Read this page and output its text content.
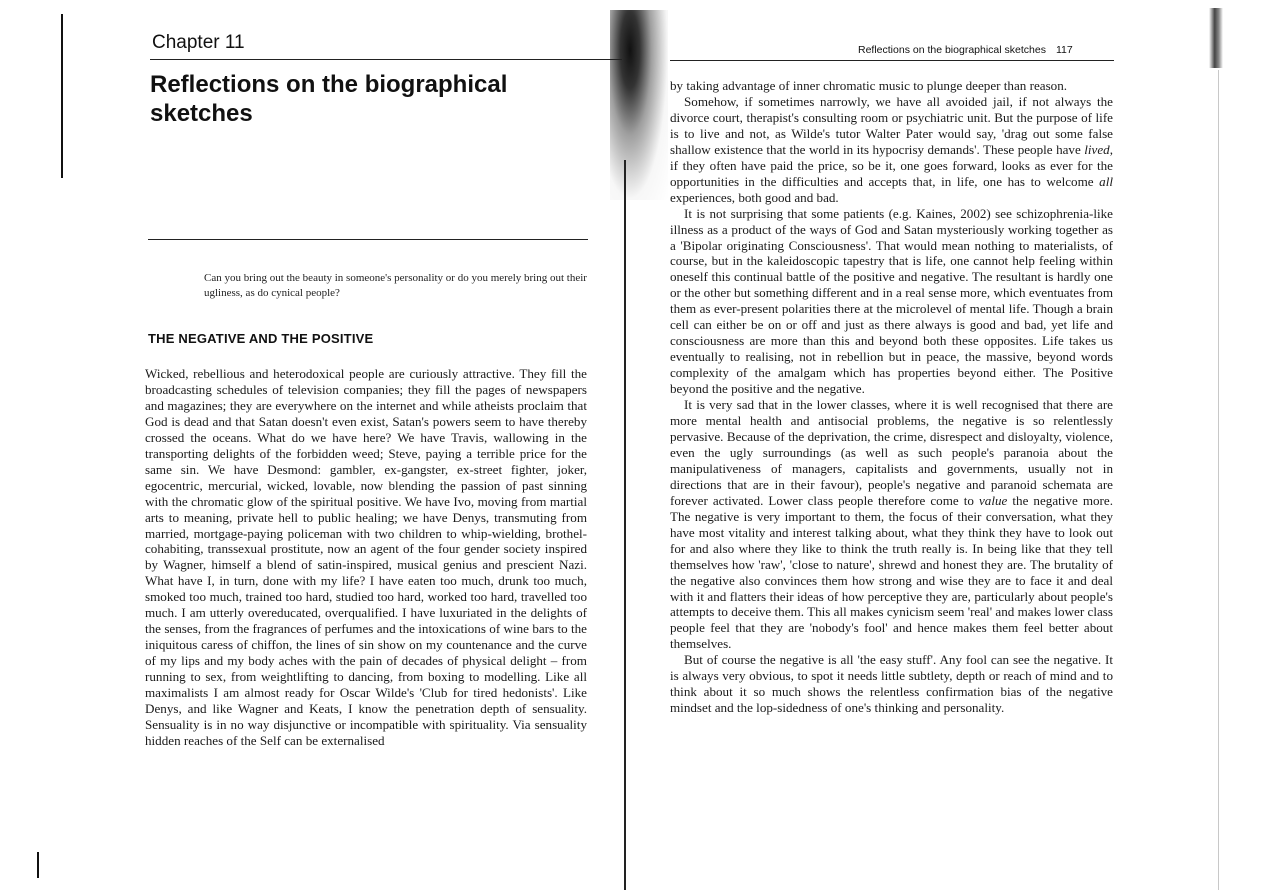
Chapter 11
Reflections on the biographical sketches
Can you bring out the beauty in someone's personality or do you merely bring out their ugliness, as do cynical people?
THE NEGATIVE AND THE POSITIVE

Wicked, rebellious and heterodoxical people are curiously attractive. They fill the broadcasting schedules of television companies; they fill the pages of newspapers and magazines; they are everywhere on the internet and while atheists proclaim that God is dead and that Satan doesn't even exist, Satan's powers seem to have thereby crossed the oceans. What do we have here? We have Travis, wallowing in the transporting delights of the forbidden weed; Steve, paying a terrible price for the same sin. We have Desmond: gambler, ex-gangster, ex-street fighter, joker, egocentric, mercurial, wicked, lovable, now blending the passion of past sinning with the chromatic glow of the spiritual positive. We have Ivo, moving from martial arts to meaning, private hell to public healing; we have Denys, transmuting from married, mortgage-paying policeman with two children to whip-wielding, brothel-cohabiting, transsexual prostitute, now an agent of the four gender society inspired by Wagner, himself a blend of satin-inspired, musical genius and prescient Nazi. What have I, in turn, done with my life? I have eaten too much, drunk too much, smoked too much, trained too hard, studied too hard, worked too hard, travelled too much. I am utterly overeducated, overqualified. I have luxuriated in the delights of the senses, from the fragrances of perfumes and the intoxications of wine bars to the iniquitous caress of chiffon, the lines of sin show on my countenance and the curve of my lips and my body aches with the pain of decades of physical delight – from running to sex, from weightlifting to dancing, from boxing to modelling. Like all maximalists I am almost ready for Oscar Wilde's 'Club for tired hedonists'. Like Denys, and like Wagner and Keats, I know the penetration depth of sensuality. Sensuality is in no way disjunctive or incompatible with spirituality. Via sensuality hidden reaches of the Self can be externalised

Reflections on the biographical sketches 117

by taking advantage of inner chromatic music to plunge deeper than reason.

Somehow, if sometimes narrowly, we have all avoided jail, if not always the divorce court, therapist's consulting room or psychiatric unit. But the purpose of life is to live and not, as Wilde's tutor Walter Pater would say, 'drag out some false shallow existence that the world in its hypocrisy demands'. These people have lived, if they often have paid the price, so be it, one goes forward, looks as ever for the opportunities in the difficulties and accepts that, in life, one has to welcome all experiences, both good and bad.

It is not surprising that some patients (e.g. Kaines, 2002) see schizophrenia-like illness as a product of the ways of God and Satan mysteriously working together as a 'Bipolar originating Consciousness'. That would mean nothing to materialists, of course, but in the kaleidoscopic tapestry that is life, one cannot help feeling within oneself this continual battle of the positive and negative. The resultant is hardly one or the other but something different and in a real sense more, which eventuates from them as ever-present polarities there at the microlevel of mental life. Though a brain cell can either be on or off and just as there always is good and bad, yet life and consciousness are more than this and beyond both these opposites. Life takes us eventually to realising, not in rebellion but in peace, the massive, beyond words complexity of the amalgam which has properties beyond either. The Positive beyond the positive and the negative.

It is very sad that in the lower classes, where it is well recognised that there are more mental health and antisocial problems, the negative is so relentlessly pervasive. Because of the deprivation, the crime, disrespect and disloyalty, violence, even the ugly surroundings (as well as such people's paranoia about the manipulativeness of managers, capitalists and governments, usually not in directions that are in their favour), people's negative and paranoid schemata are forever activated. Lower class people therefore come to value the negative more. The negative is very important to them, the focus of their conversation, what they have most vitality and interest talking about, what they think they have to look out for and also where they like to think the truth really is. In being like that they tell themselves how 'raw', 'close to nature', shrewd and honest they are. The brutality of the negative also convinces them how strong and wise they are to face it and deal with it and flatters their ideas of how perceptive they are, particularly about people's attempts to deceive them. This all makes cynicism seem 'real' and makes lower class people feel that they are 'nobody's fool' and hence makes them feel better about themselves.

But of course the negative is all 'the easy stuff'. Any fool can see the negative. It is always very obvious, to spot it needs little subtlety, depth or reach of mind and to think about it so much shows the relentless confirmation bias of the negative mindset and the lop-sidedness of one's thinking and personality.
